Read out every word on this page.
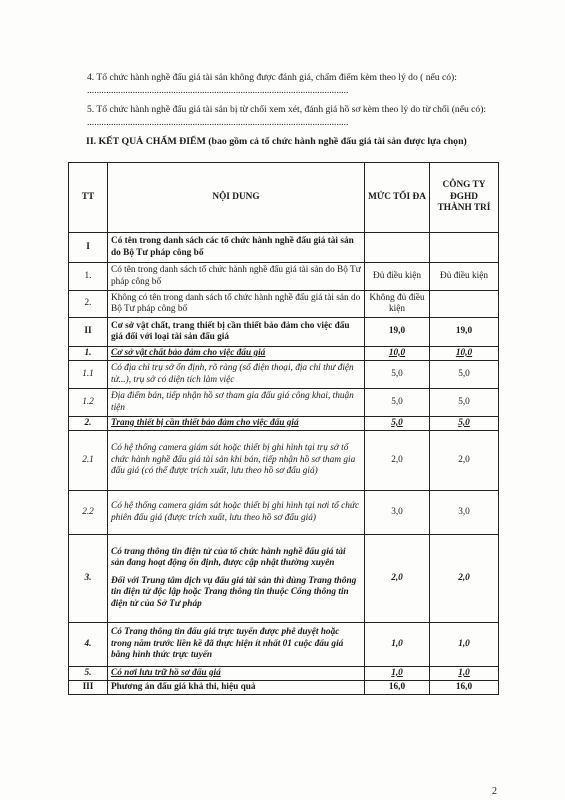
4. Tổ chức hành nghề đấu giá tài sản không được đánh giá, chấm điểm kèm theo lý do ( nếu có): .............................................................................................................
5. Tổ chức hành nghề đấu giá tài sản bị từ chối xem xét, đánh giá hồ sơ kèm theo lý do từ chối (nếu có): .............................................................................................................
II. KẾT QUẢ CHẤM ĐIỂM (bao gồm cả tổ chức hành nghề đấu giá tài sản được lựa chọn)
TT	NỘI DUNG	MỨC TỐI ĐA	CÔNG TY ĐGHD THÀNH TRÍ
I	Có tên trong danh sách các tổ chức hành nghề đấu giá tài sản do Bộ Tư pháp công bố		
1.	Có tên trong danh sách tổ chức hành nghề đấu giá tài sản do Bộ Tư pháp công bố	Đủ điều kiện	Đủ điều kiện
2.	Không có tên trong danh sách tổ chức hành nghề đấu giá tài sản do Bộ Tư pháp công bố	Không đủ điều kiện	
II	Cơ sở vật chất, trang thiết bị cần thiết bảo đảm cho việc đấu giá đối với loại tài sản đấu giá	19,0	19,0
1.	Cơ sở vật chất bảo đảm cho việc đấu giá	10,0	10,0
1.1	Có địa chỉ trụ sở ổn định, rõ ràng (số điện thoại, địa chỉ thư điện tử...), trụ sở có diện tích làm việc	5,0	5,0
1.2	Địa điểm bán, tiếp nhận hồ sơ tham gia đấu giá công khai, thuận tiện	5,0	5,0
2.	Trang thiết bị cần thiết bảo đảm cho việc đấu giá	5,0	5,0
2.1	Có hệ thống camera giám sát hoặc thiết bị ghi hình tại trụ sở tổ chức hành nghề đấu giá tài sản khi bán, tiếp nhận hồ sơ tham gia đấu giá (có thể được trích xuất, lưu theo hồ sơ đấu giá)	2,0	2,0
2.2	Có hệ thống camera giám sát hoặc thiết bị ghi hình tại nơi tổ chức phiên đấu giá (được trích xuất, lưu theo hồ sơ đấu giá)	3,0	3,0
3.	Có trang thông tin điện tử của tổ chức hành nghề đấu giá tài sản đang hoạt động ổn định, được cập nhật thường xuyên
Đối với Trung tâm dịch vụ đấu giá tài sản thì dùng Trang thông tin điện tử độc lập hoặc Trang thông tin thuộc Cổng thông tin điện tử của Sở Tư pháp	2,0	2,0
4.	Có Trang thông tin đấu giá trực tuyến được phê duyệt hoặc trong năm trước liền kề đã thực hiện ít nhất 01 cuộc đấu giá bằng hình thức trực tuyến	1,0	1,0
5.	Có nơi lưu trữ hồ sơ đấu giá	1,0	1,0
III	Phương án đấu giá khả thi, hiệu quả	16,0	16,0
2
